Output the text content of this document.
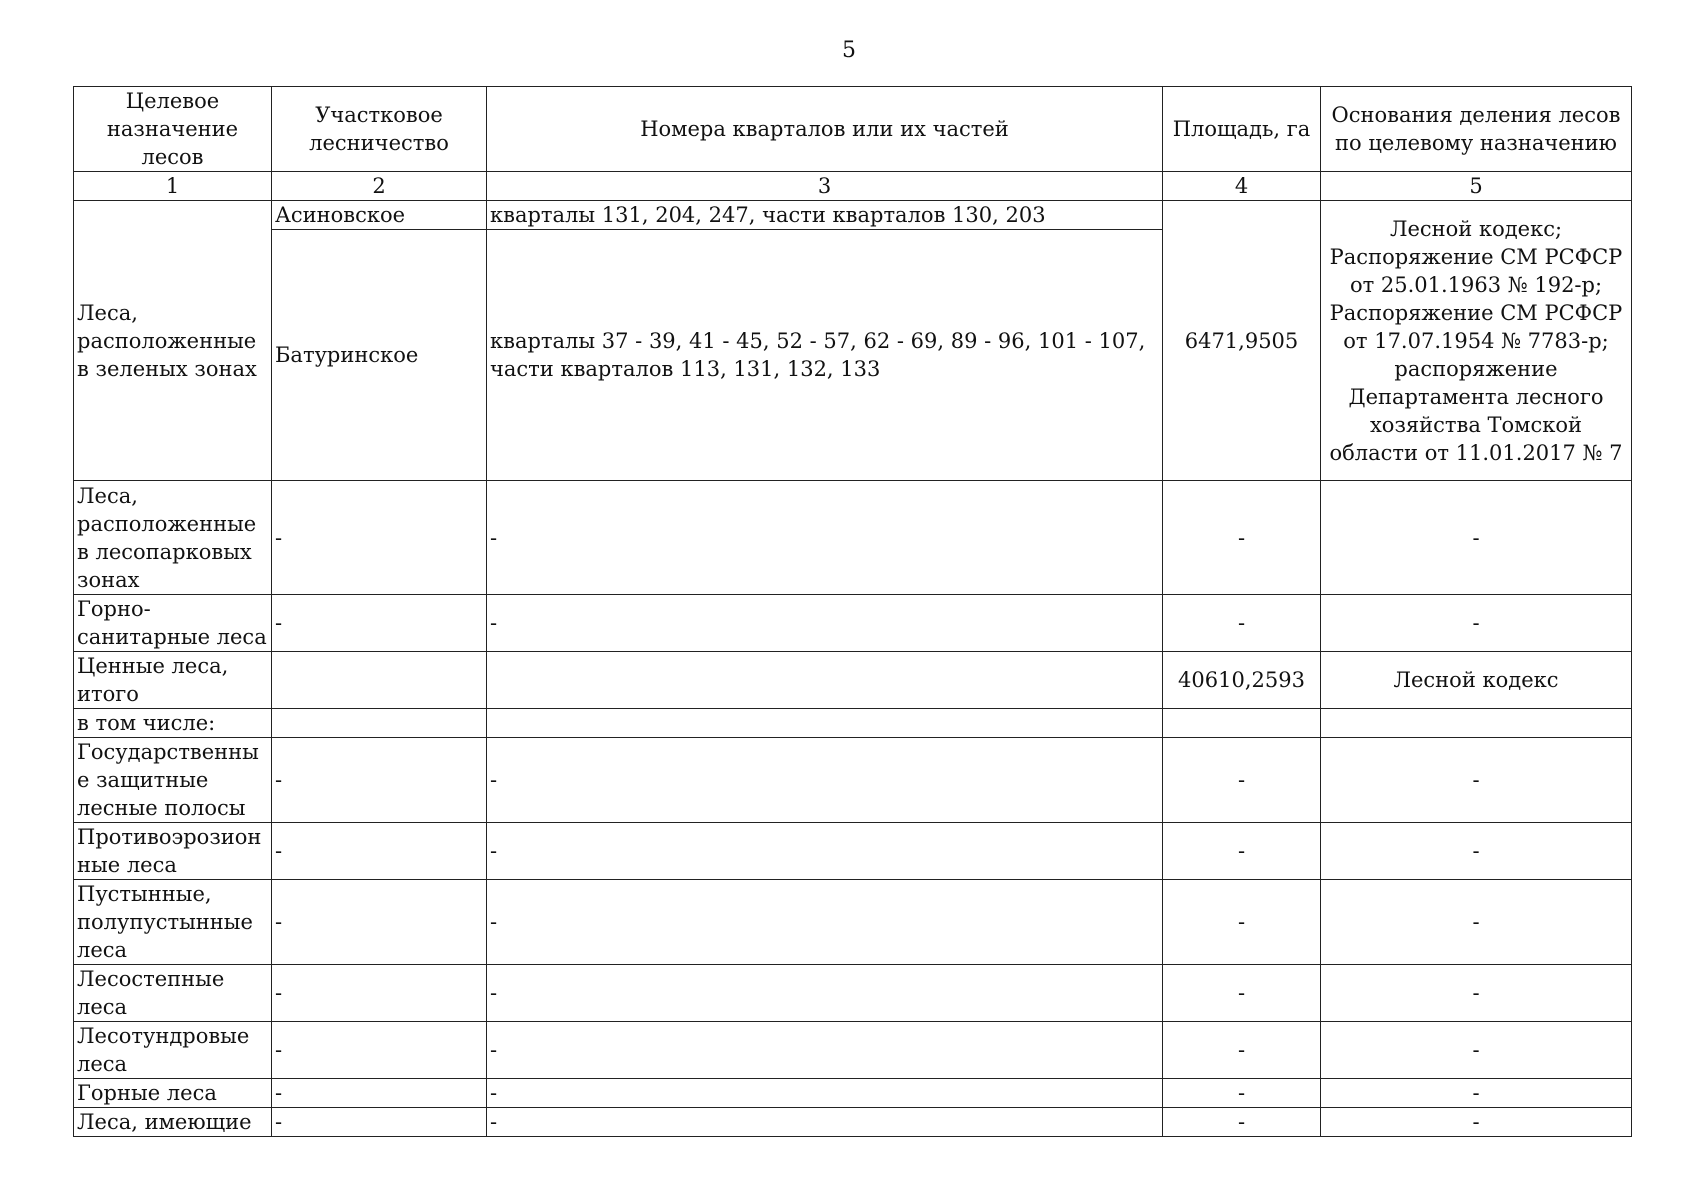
5
Целевое назначение лесов	Участковое лесничество	Номера кварталов или их частей	Площадь, га	Основания деления лесов по целевому назначению
1	2	3	4	5
Леса, расположенные в зеленых зонах	Асиновское	кварталы 131, 204, 247, части кварталов 130, 203	6471,9505	Лесной кодекс; Распоряжение СМ РСФСР от 25.01.1963 № 192-р; Распоряжение СМ РСФСР от 17.07.1954 № 7783-р; распоряжение Департамента лесного хозяйства Томской области от 11.01.2017 № 7
	Батуринское	кварталы 37 - 39, 41 - 45, 52 - 57, 62 - 69, 89 - 96, 101 - 107, части кварталов 113, 131, 132, 133		
Леса, расположенные в лесопарковых зонах	-	-	-	-
Горно-санитарные леса	-	-	-	-
Ценные леса, итого			40610,2593	Лесной кодекс
в том числе:				
Государственные защитные лесные полосы	-	-	-	-
Противоэрозионные леса	-	-	-	-
Пустынные, полупустынные леса	-	-	-	-
Лесостепные леса	-	-	-	-
Лесотундровые леса	-	-	-	-
Горные леса	-	-	-	-
Леса, имеющие	-	-	-	-
